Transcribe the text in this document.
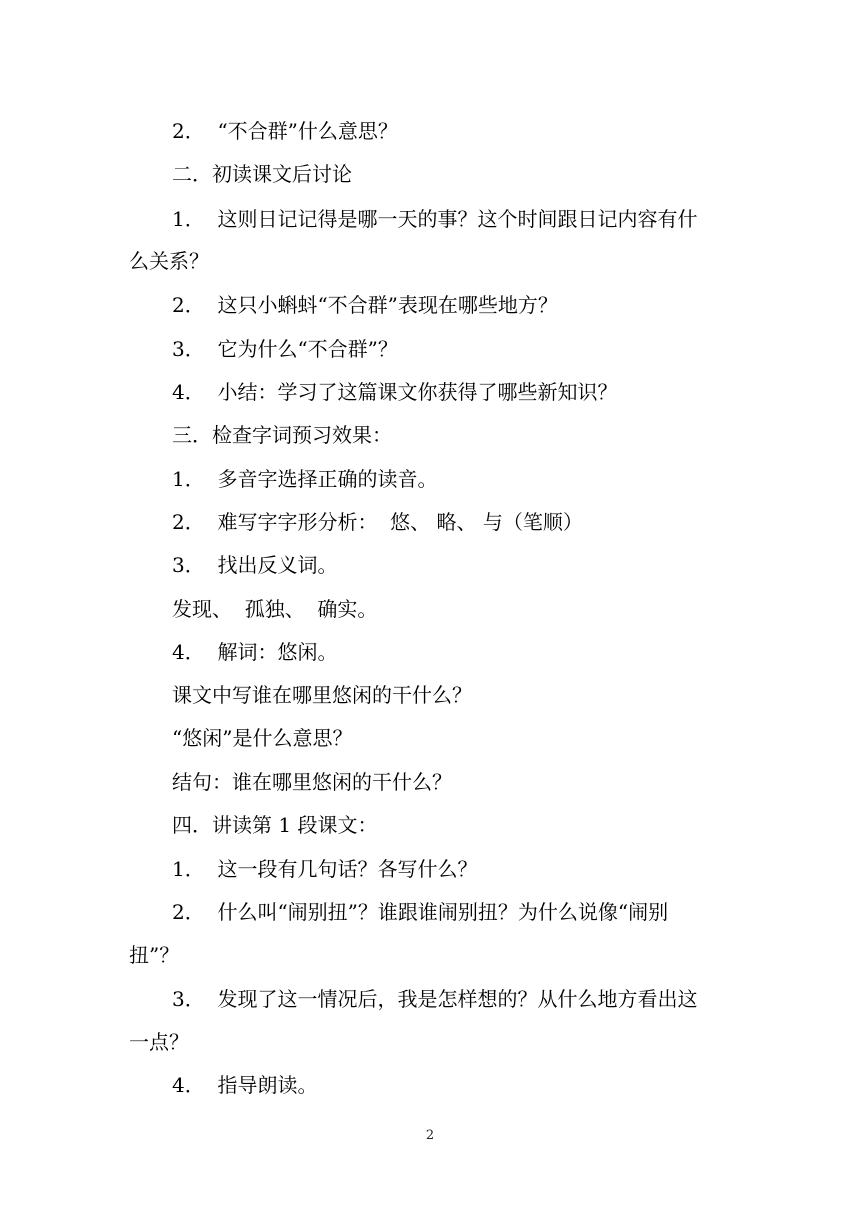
2．  “不合群”什么意思？
二．初读课文后讨论
1．  这则日记记得是哪一天的事？这个时间跟日记内容有什
么关系？
2．  这只小蝌蚪“不合群”表现在哪些地方？
3．  它为什么“不合群”？
4．  小结：学习了这篇课文你获得了哪些新知识？
三．检查字词预习效果：
1．  多音字选择正确的读音。
2．  难写字字形分析：  悠、 略、 与（笔顺）
3．  找出反义词。
发现、  孤独、  确实。
4．  解词：悠闲。
课文中写谁在哪里悠闲的干什么？
“悠闲”是什么意思？
结句：谁在哪里悠闲的干什么？
四．讲读第 1 段课文：
1．  这一段有几句话？各写什么？
2．  什么叫“闹别扭”？谁跟谁闹别扭？为什么说像“闹别
扭”？
3．  发现了这一情况后，我是怎样想的？从什么地方看出这
一点？
4．  指导朗读。
2
